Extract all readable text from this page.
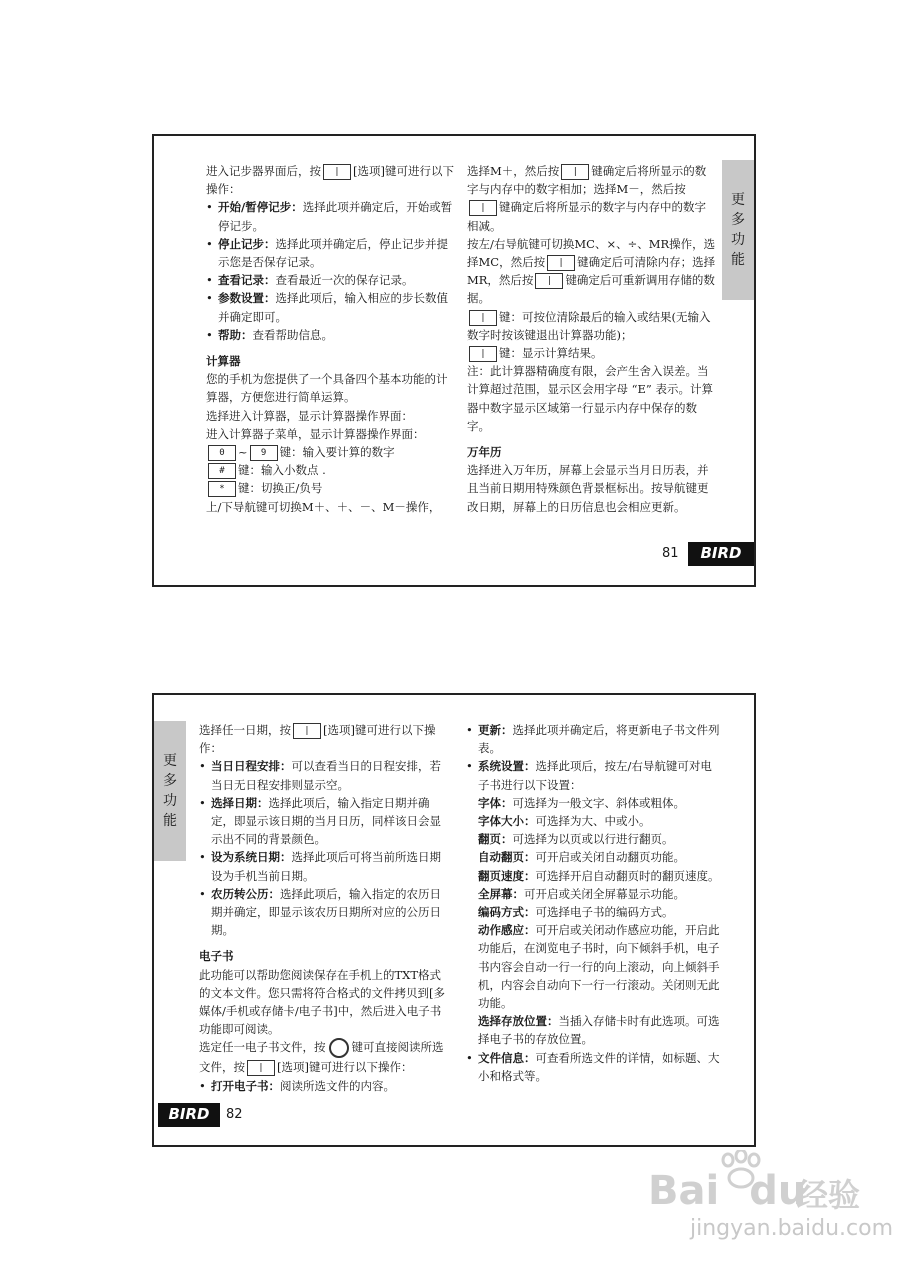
进入记步器界面后，按 | [选项]键可进行以下操作：

• 开始/暂停记步：选择此项并确定后，开始或暂停记步。
• 停止记步：选择此项并确定后，停止记步并提示您是否保存记录。
• 查看记录：查看最近一次的保存记录。
• 参数设置：选择此项后，输入相应的步长数值并确定即可。
• 帮助：查看帮助信息。

计算器

您的手机为您提供了一个具备四个基本功能的计算器，方便您进行简单运算。

选择进入计算器，显示计算器操作界面：

进入计算器子菜单，显示计算器操作界面：

0 ~ 9 键：输入要计算的数字

# 键：输入小数点 .

* 键：切换正/负号

上/下导航键可切换M＋、＋、－、M－操作，

选择M＋，然后按 | 键确定后将所显示的数字与内存中的数字相加；选择M－，然后按| 键确定后将所显示的数字与内存中的数字相减。

按左/右导航键可切换MC、×、÷、MR操作，选择MC，然后按 | 键确定后可清除内存；选择MR，然后按 | 键确定后可重新调用存储的数据。

| 键：可按位清除最后的输入或结果(无输入数字时按该键退出计算器功能)；

| 键：显示计算结果。

注：此计算器精确度有限，会产生舍入误差。当计算超过范围，显示区会用字母 “E” 表示。计算器中数字显示区域第一行显示内存中保存的数字。

万年历

选择进入万年历，屏幕上会显示当月日历表，并且当前日期用特殊颜色背景框标出。按导航键更改日期，屏幕上的日历信息也会相应更新。

更
多
功
能
81	BIRD
更
多
功
能

选择任一日期，按 | [选项]键可进行以下操作：

• 当日日程安排：可以查看当日的日程安排，若当日无日程安排则显示空。
• 选择日期：选择此项后，输入指定日期并确定，即显示该日期的当月日历，同样该日会显示出不同的背景颜色。
• 设为系统日期：选择此项后可将当前所选日期设为手机当前日期。
• 农历转公历：选择此项后，输入指定的农历日期并确定，即显示该农历日期所对应的公历日期。

电子书

此功能可以帮助您阅读保存在手机上的TXT格式的文本文件。您只需将符合格式的文件拷贝到[多媒体/手机或存储卡/电子书]中，然后进入电子书功能即可阅读。

选定任一电子书文件，按 键可直接阅读所选文件，按 | [选项]键可进行以下操作：

• 打开电子书：阅读所选文件的内容。
• 更新：选择此项并确定后，将更新电子书文件列表。
• 系统设置：选择此项后，按左/右导航键可对电子书进行以下设置：

字体：可选择为一般文字、斜体或粗体。

字体大小：可选择为大、中或小。

翻页：可选择为以页或以行进行翻页。

自动翻页：可开启或关闭自动翻页功能。

翻页速度：可选择开启自动翻页时的翻页速度。

全屏幕：可开启或关闭全屏幕显示功能。

编码方式：可选择电子书的编码方式。

动作感应：可开启或关闭动作感应功能，开启此功能后，在浏览电子书时，向下倾斜手机，电子书内容会自动一行一行的向上滚动，向上倾斜手机，内容会自动向下一行一行滚动。关闭则无此功能。

选择存放位置：当插入存储卡时有此选项。可选择电子书的存放位置。

• 文件信息：可查看所选文件的详情，如标题、大小和格式等。
BIRD	82
Bai du
经验
jingyan.baidu.com
